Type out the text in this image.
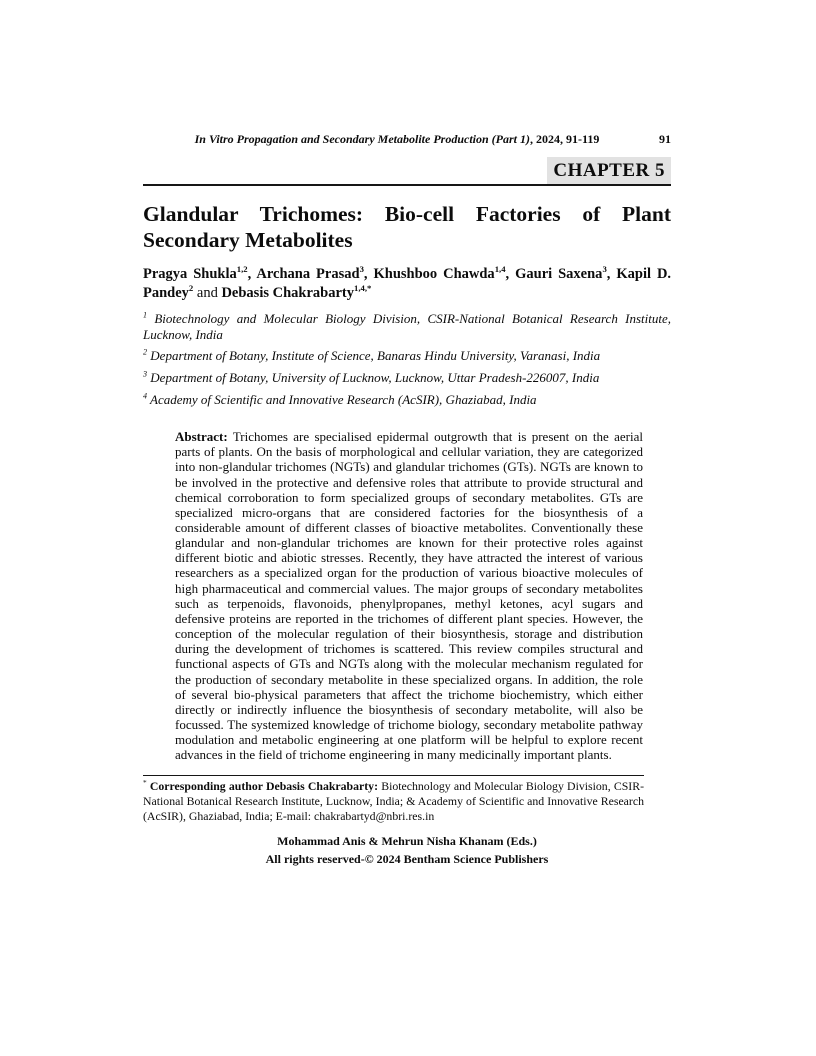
In Vitro Propagation and Secondary Metabolite Production (Part 1), 2024, 91-119	91
CHAPTER 5
Glandular Trichomes: Bio-cell Factories of Plant Secondary Metabolites

Pragya Shukla$^{1,2}$, Archana Prasad$^3$, Khushboo Chawda$^{1,4}$, Gauri Saxena$^3$, Kapil D. Pandey$^2$ and Debasis Chakrabarty$^{1,4,*}$

$^1$ Biotechnology and Molecular Biology Division, CSIR-National Botanical Research Institute, Lucknow, India

$^2$ Department of Botany, Institute of Science, Banaras Hindu University, Varanasi, India

$^3$ Department of Botany, University of Lucknow, Lucknow, Uttar Pradesh-226007, India

$^4$ Academy of Scientific and Innovative Research (AcSIR), Ghaziabad, India

Abstract: Trichomes are specialised epidermal outgrowth that is present on the aerial parts of plants. On the basis of morphological and cellular variation, they are categorized into non-glandular trichomes (NGTs) and glandular trichomes (GTs). NGTs are known to be involved in the protective and defensive roles that attribute to provide structural and chemical corroboration to form specialized groups of secondary metabolites. GTs are specialized micro-organs that are considered factories for the biosynthesis of a considerable amount of different classes of bioactive metabolites. Conventionally these glandular and non-glandular trichomes are known for their protective roles against different biotic and abiotic stresses. Recently, they have attracted the interest of various researchers as a specialized organ for the production of various bioactive molecules of high pharmaceutical and commercial values. The major groups of secondary metabolites such as terpenoids, flavonoids, phenylpropanes, methyl ketones, acyl sugars and defensive proteins are reported in the trichomes of different plant species. However, the conception of the molecular regulation of their biosynthesis, storage and distribution during the development of trichomes is scattered. This review compiles structural and functional aspects of GTs and NGTs along with the molecular mechanism regulated for the production of secondary metabolite in these specialized organs. In addition, the role of several bio-physical parameters that affect the trichome biochemistry, which either directly or indirectly influence the biosynthesis of secondary metabolite, will also be focussed. The systemized knowledge of trichome biology, secondary metabolite pathway modulation and metabolic engineering at one platform will be helpful to explore recent advances in the field of trichome engineering in many medicinally important plants.

* Corresponding author Debasis Chakrabarty: Biotechnology and Molecular Biology Division, CSIR-National Botanical Research Institute, Lucknow, India; & Academy of Scientific and Innovative Research (AcSIR), Ghaziabad, India; E-mail: chakrabartyd@nbri.res.in
Mohammad Anis & Mehrun Nisha Khanam (Eds.)
All rights reserved-© 2024 Bentham Science Publishers
